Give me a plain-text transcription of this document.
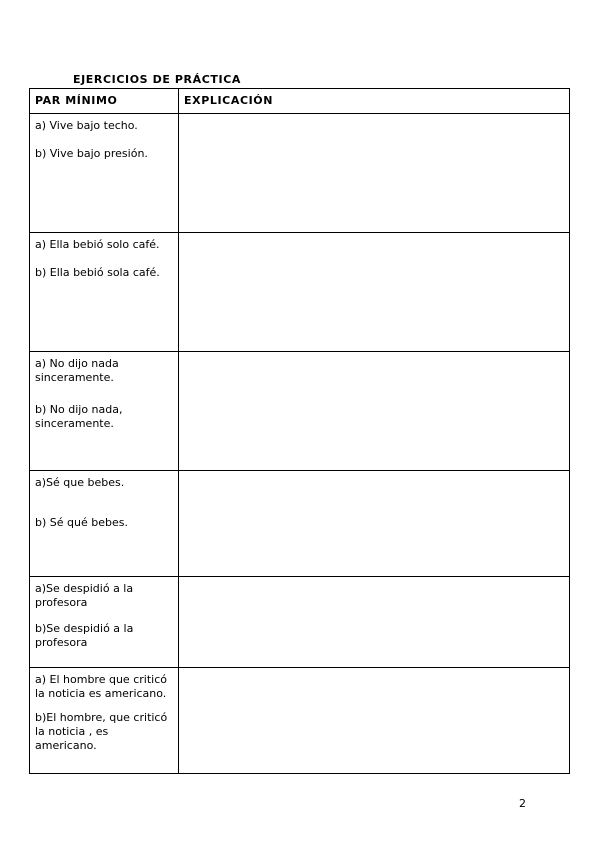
EJERCICIOS DE PRÁCTICA
PAR MÍNIMO	EXPLICACIÓN

a) Vive bajo techo.

b) Vive bajo presión.	

a) Ella bebió solo café.

b) Ella bebió sola café.	

a) No dijo nada sinceramente.

b) No dijo nada, sinceramente.	

a)Sé que bebes.

b) Sé qué bebes.	

a)Se despidió a la profesora

b)Se despidió a la profesora	

a) El hombre que criticó la noticia es americano.

b)El hombre, que criticó la noticia , es americano.	

2
